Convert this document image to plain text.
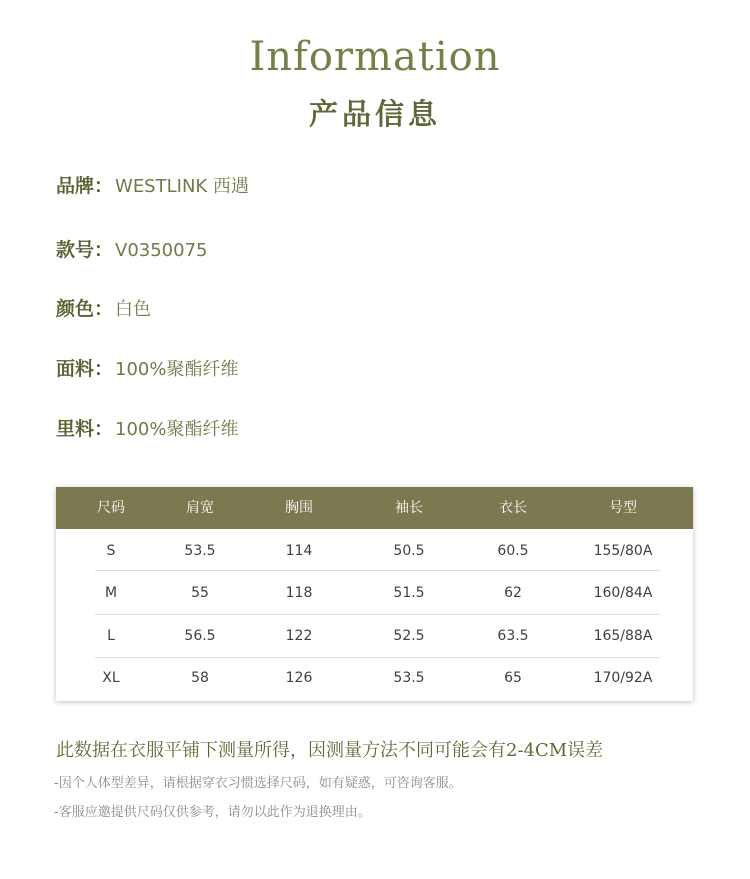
Information
产品信息
品牌： WESTLINK 西遇
款号： V0350075
颜色： 白色
面料： 100%聚酯纤维
里料： 100%聚酯纤维
尺码	肩宽	胸围	袖长	衣长	号型
S	53.5	114	50.5	60.5	155/80A
M	55	118	51.5	62	160/84A
L	56.5	122	52.5	63.5	165/88A
XL	58	126	53.5	65	170/92A
此数据在衣服平铺下测量所得，因测量方法不同可能会有2-4CM误差
-因个人体型差异，请根据穿衣习惯选择尺码，如有疑惑，可咨询客服。
-客服应邀提供尺码仅供参考，请勿以此作为退换理由。
